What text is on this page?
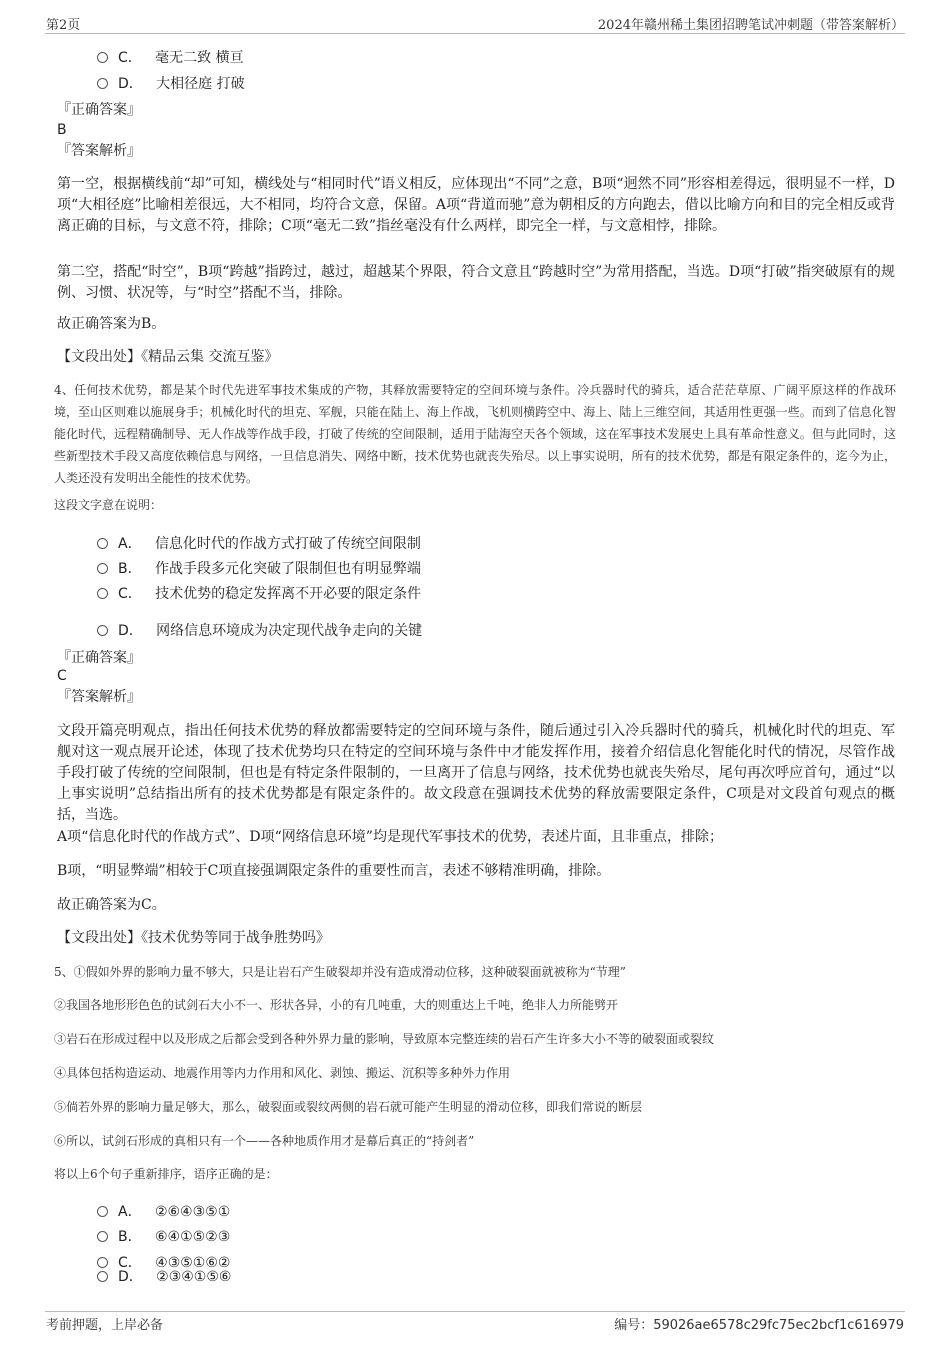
第2页	2024年赣州稀土集团招聘笔试冲刺题（带答案解析）
C． 毫无二致 横亘
D． 大相径庭 打破
『正确答案』
B
『答案解析』
第一空，根据横线前“却”可知，横线处与“相同时代”语义相反，应体现出“不同”之意，B项“迥然不同”形容相差得远，很明显不一样，D项“大相径庭”比喻相差很远，大不相同，均符合文意，保留。A项“背道而驰”意为朝相反的方向跑去，借以比喻方向和目的完全相反或背离正确的目标，与文意不符，排除；C项“毫无二致”指丝毫没有什么两样，即完全一样，与文意相悖，排除。
第二空，搭配“时空”，B项“跨越”指跨过，越过，超越某个界限，符合文意且“跨越时空”为常用搭配，当选。D项“打破”指突破原有的规例、习惯、状况等，与“时空”搭配不当，排除。
故正确答案为B。
【文段出处】《精品云集 交流互鉴》
4、任何技术优势，都是某个时代先进军事技术集成的产物，其释放需要特定的空间环境与条件。冷兵器时代的骑兵，适合茫茫草原、广阔平原这样的作战环境，至山区则难以施展身手；机械化时代的坦克、军舰，只能在陆上、海上作战，飞机则横跨空中、海上、陆上三维空间，其适用性更强一些。而到了信息化智能化时代，远程精确制导、无人作战等作战手段，打破了传统的空间限制，适用于陆海空天各个领域，这在军事技术发展史上具有革命性意义。但与此同时，这些新型技术手段又高度依赖信息与网络，一旦信息消失、网络中断，技术优势也就丧失殆尽。以上事实说明，所有的技术优势，都是有限定条件的，迄今为止，人类还没有发明出全能性的技术优势。
这段文字意在说明：
A． 信息化时代的作战方式打破了传统空间限制
B． 作战手段多元化突破了限制但也有明显弊端
C． 技术优势的稳定发挥离不开必要的限定条件
D． 网络信息环境成为决定现代战争走向的关键
『正确答案』
C
『答案解析』
文段开篇亮明观点，指出任何技术优势的释放都需要特定的空间环境与条件，随后通过引入冷兵器时代的骑兵，机械化时代的坦克、军舰对这一观点展开论述，体现了技术优势均只在特定的空间环境与条件中才能发挥作用，接着介绍信息化智能化时代的情况，尽管作战手段打破了传统的空间限制，但也是有特定条件限制的，一旦离开了信息与网络，技术优势也就丧失殆尽，尾句再次呼应首句，通过“以上事实说明”总结指出所有的技术优势都是有限定条件的。故文段意在强调技术优势的释放需要限定条件，C项是对文段首句观点的概括，当选。
A项“信息化时代的作战方式”、D项“网络信息环境”均是现代军事技术的优势，表述片面，且非重点，排除；
B项，“明显弊端”相较于C项直接强调限定条件的重要性而言，表述不够精准明确，排除。
故正确答案为C。
【文段出处】《技术优势等同于战争胜势吗》
5、①假如外界的影响力量不够大，只是让岩石产生破裂却并没有造成滑动位移，这种破裂面就被称为“节理”
②我国各地形形色色的试剑石大小不一、形状各异，小的有几吨重，大的则重达上千吨，绝非人力所能劈开
③岩石在形成过程中以及形成之后都会受到各种外界力量的影响，导致原本完整连续的岩石产生许多大小不等的破裂面或裂纹
④具体包括构造运动、地震作用等内力作用和风化、剥蚀、搬运、沉积等多种外力作用
⑤倘若外界的影响力量足够大，那么，破裂面或裂纹两侧的岩石就可能产生明显的滑动位移，即我们常说的断层
⑥所以，试剑石形成的真相只有一个——各种地质作用才是幕后真正的“持剑者”
将以上6个句子重新排序，语序正确的是：
A． ②⑥④③⑤①
B． ⑥④①⑤②③
C． ④③⑤①⑥②
D． ②③④①⑤⑥
考前押题，上岸必备	编号：59026ae6578c29fc75ec2bcf1c616979
